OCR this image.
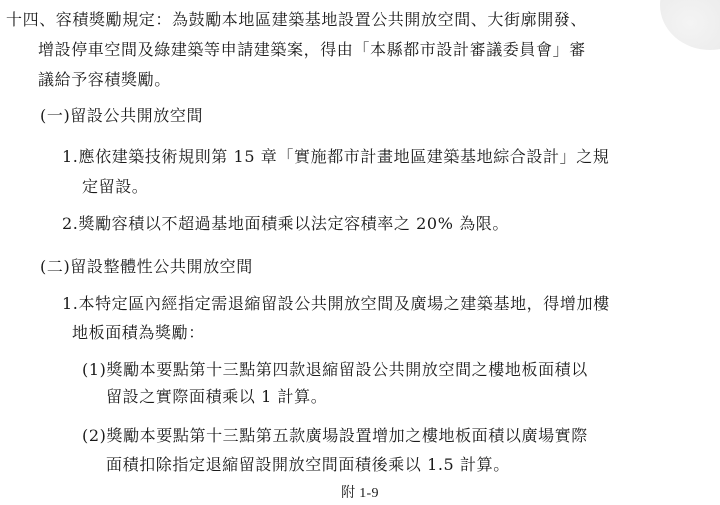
十四、容積獎勵規定：為鼓勵本地區建築基地設置公共開放空間、大街廓開發、
增設停車空間及綠建築等申請建築案，得由「本縣都市設計審議委員會」審
議給予容積獎勵。
(一)留設公共開放空間
1.應依建築技術規則第 15 章「實施都市計畫地區建築基地綜合設計」之規
定留設。
2.獎勵容積以不超過基地面積乘以法定容積率之 20% 為限。
(二)留設整體性公共開放空間
1.本特定區內經指定需退縮留設公共開放空間及廣場之建築基地，得增加樓
地板面積為獎勵：
(1)獎勵本要點第十三點第四款退縮留設公共開放空間之樓地板面積以
留設之實際面積乘以 1 計算。
(2)獎勵本要點第十三點第五款廣場設置增加之樓地板面積以廣場實際
面積扣除指定退縮留設開放空間面積後乘以 1.5 計算。
附 1-9
